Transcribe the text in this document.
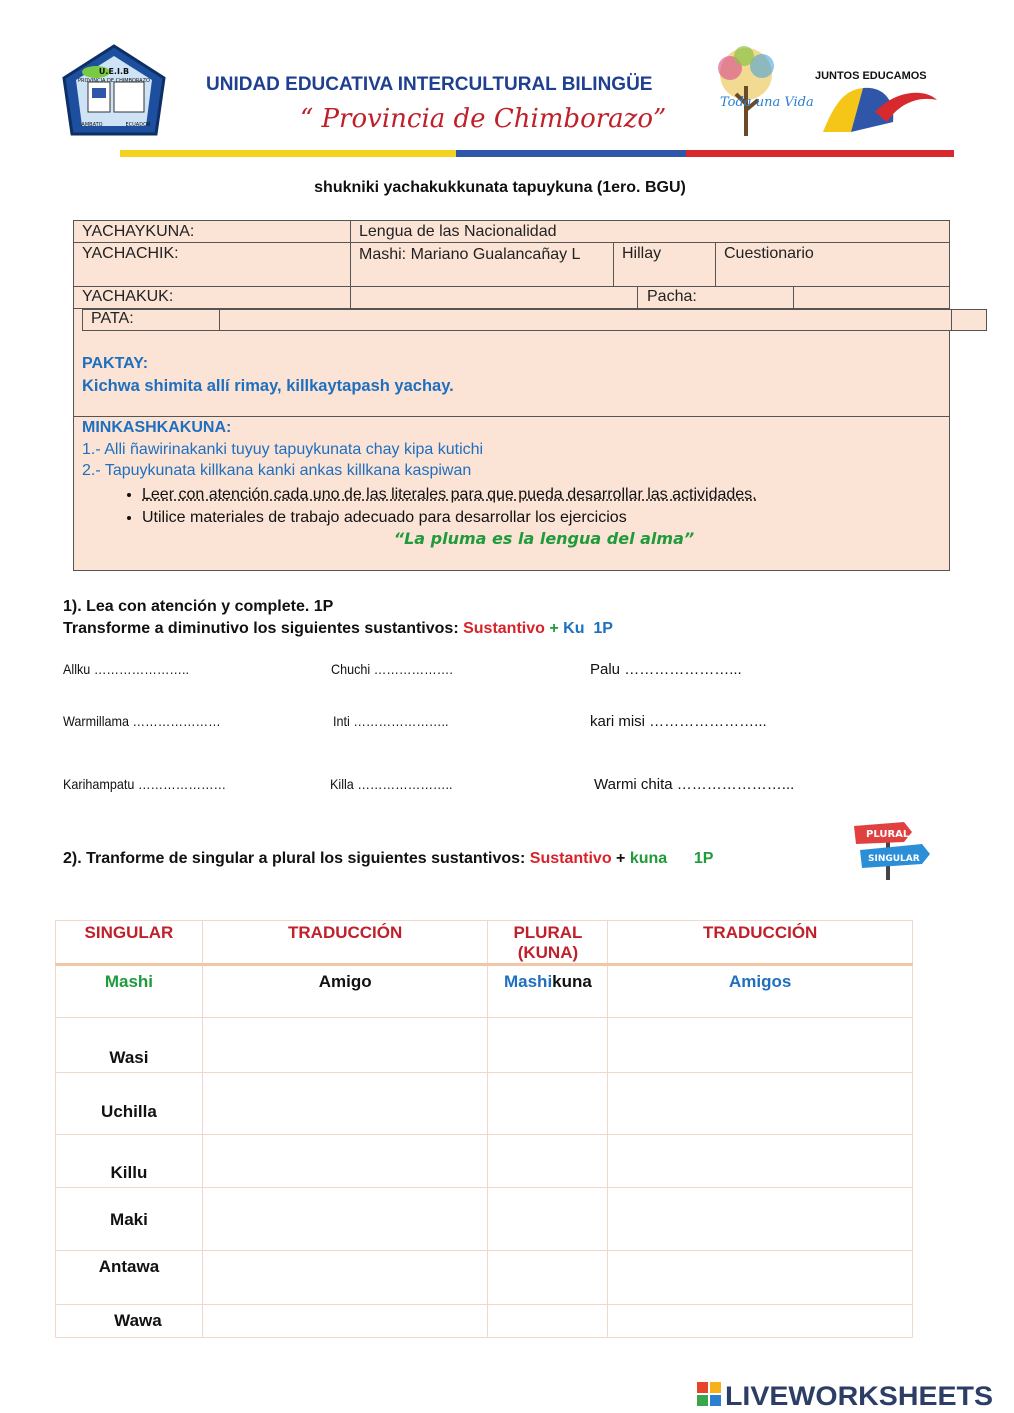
U.E.I.B
PROVINCIA DE CHIMBORAZO
AMBATO	ECUADOR
UNIDAD EDUCATIVA INTERCULTURAL BILINGÜE
“ Provincia de Chimborazo”
Toda una Vida
JUNTOS EDUCAMOS
shukniki yachakukkunata tapuykuna (1ero. BGU)
YACHAYKUNA:	Lengua de las Nacionalidad
YACHACHIK:	Mashi: Mariano Gualancañay L	Hillay	Cuestionario
YACHAKUK:	Pacha:
PAKTAY:
Kichwa shimita allí rimay, killkaytapash yachay.
MINKASHKAKUNA:
1.- Alli ñawirinakanki tuyuy tapuykunata chay kipa kutichi
2.- Tapuykunata killkana kanki ankas killkana kaspiwan
“La pluma es la lengua del alma”
PATA:
• Leer con atención cada uno de las literales para que pueda desarrollar las actividades.
• Utilice materiales de trabajo adecuado para desarrollar los ejercicios
1). Lea con atención y complete. 1P
Transforme a diminutivo los siguientes sustantivos: Sustantivo + Ku 1P
Allku …………………..	Chuchi ……………….	Palu …………………...
Warmillama …………………	Inti …………………..	kari misi …………………...
Karihampatu …………………	Killa …………………..	Warmi chita …………………...
2). Tranforme de singular a plural los siguientes sustantivos: Sustantivo + kuna 1P
PLURAL
SINGULAR
SINGULAR	TRADUCCIÓN	PLURAL (KUNA)	TRADUCCIÓN
Mashi	Amigo	Mashikuna	Amigos
Wasi			
Uchilla			
Killu			
Maki			
Antawa			
Wawa			
LIVEWORKSHEETS
